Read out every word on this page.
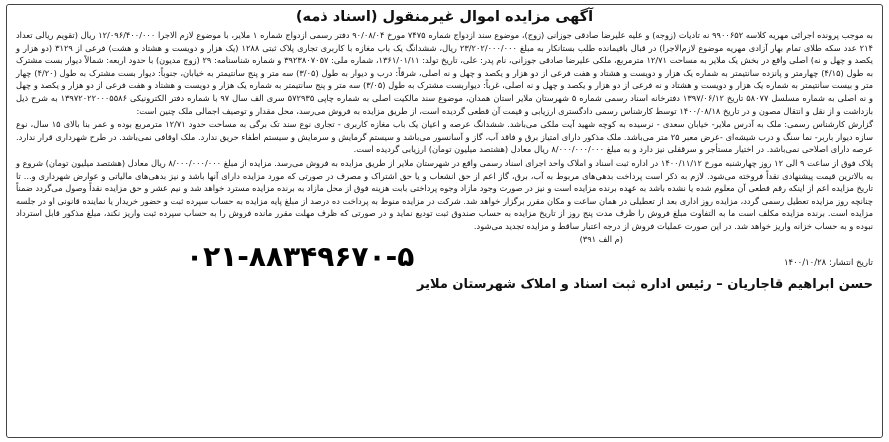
آگهی مزایده اموال غیرمنقول (اسناد ذمه)

به موجب پرونده اجرائی مهریه کلاسه ۹۹۰۰۶۵۲ نه تادیات (زوجه) و علیه علیرضا صادقی جوزانی (زوج)، موضوع سند ازدواج شماره ۷۴۷۵ مورخ ۹۰/۰۸/۰۴ دفتر رسمی ازدواج شماره ۱ ملایر، با موضوع لازم الاجرا ۱۲/۰۹۶/۴۰۰/۰۰۰ ریال (تقویم ریالی تعداد ۲۱۴ عدد سکه طلای تمام بهار آزادی مهریه موضوع لازم‌الاجرا) در قبال باقیمانده طلب بستانکار به مبلغ ۲۳/۲۰۲/۰۰۰/۰۰۰ ریال، ششدانگ یک باب مغازه با کاربری تجاری پلاک ثبتی ۱۲۸۸ (یک هزار و دویست و هشتاد و هشت) فرعی از ۳۱۲۹ (دو هزار و یکصد و چهل و نه) اصلی واقع در بخش یک ملایر به مساحت ۱۲/۷۱ مترمربع، ملکی علیرضا صادقی جوزانی، نام پدر: علی، تاریخ تولد: ۱۳۶۱/۰۱/۱۱، شماره ملی: ۳۹۲۳۸۰۷۰۵۷ و شماره شناسنامه: ۲۹ (زوج مدیون) با حدود اربعه: شمالاً دیوار بست مشترک به طول (۴/۱۵) چهارمتر و پانزده سانتیمتر به شماره یک هزار و دویست و هشتاد و هفت فرعی از دو هزار و یکصد و چهل و نه اصلی، شرقاً: درب و دیوار به طول (۳/۰۵) سه متر و پنج سانتیمتر به خیابان، جنوباً: دیوار بست مشترک به طول (۴/۲۰) چهار متر و بیست سانتیمتر به شماره یک هزار و دویست و هشتاد و نه فرعی از دو هزار و یکصد و چهل و نه اصلی، غرباً: دیواربست مشترک به طول (۳/۰۵) سه متر و پنج سانتیمتر به شماره یک هزار و دویست و هشتاد و هفت فرعی از دو هزار و یکصد و چهل و نه اصلی به شماره مسلسل ۵۸۰۷۷ تاریخ ۱۳۹۷/۰۶/۱۲ دفترخانه اسناد رسمی شماره ۵ شهرستان ملایر استان همدان، موضوع سند مالکیت اصلی به شماره چاپی ۵۷۲۹۳۵ سری الف سال ۹۷ با شماره دفتر الکترونیکی ۱۳۹۷۲۰۲۲۰۰۰۵۵۸۶ به شرح ذیل بازداشت و از نقل و انتقال مصون و در تاریخ ۱۴۰۰/۰۸/۱۸ توسط کارشناس رسمی دادگستری ارزیابی و قیمت آن قطعی گردیده است، از طریق مزایده به فروش می‌رسد، محل مقدار و توصیف اجمالی ملک چنین است:

گزارش کارشناس رسمی: ملک به آدرس ملایر- خیابان سعدی - نرسیده به کوچه شهید آیت ملکی می‌باشد. ششدانگ عرصه و اعیان یک باب مغازه کاربری - تجاری نوع سند تک برگی به مساحت حدود ۱۲/۷۱ مترمربع بوده و عمر بنا بالای ۱۵ سال، نوع سازه دیوار باربر- نما سنگ و درب شیشه‌ای -عرض معبر ۲۵ متر می‌باشد. ملک مذکور دارای امتیاز برق و فاقد آب، گاز و آسانسور می‌باشد و سیستم گرمایش و سرمایش و سیستم اطفاء حریق ندارد. ملک اوقافی نمی‌باشد. در طرح شهرداری قرار ندارد. عرصه دارای اصلاحی نمی‌باشد. در اختیار مستأجر و سرقفلی نیز دارد و به مبلغ ۸/۰۰۰/۰۰۰/۰۰۰ ریال معادل (هشتصد میلیون تومان) ارزیابی گردیده است.

پلاک فوق از ساعت ۹ الی ۱۲ روز چهارشنبه مورخ ۱۴۰۰/۱۱/۱۲ در اداره ثبت اسناد و املاک واحد اجرای اسناد رسمی واقع در شهرستان ملایر از طریق مزایده به فروش می‌رسد. مزایده از مبلغ ۸/۰۰۰/۰۰۰/۰۰۰ ریال معادل (هشتصد میلیون تومان) شروع و به بالاترین قیمت پیشنهادی نقداً فروخته می‌شود. لازم به ذکر است پرداخت بدهی‌های مربوط به آب، برق، گاز اعم از حق انشعاب و یا حق اشتراک و مصرف در صورتی که مورد مزایده دارای آنها باشد و نیز بدهی‌های مالیاتی و عوارض شهرداری و... تا تاریخ مزایده اعم از اینکه رقم قطعی آن معلوم شده یا نشده باشد به عهده برنده مزایده است و نیز در صورت وجود مازاد وجوه پرداختی بابت هزینه فوق از محل مازاد به برنده مزایده مسترد خواهد شد و نیم عشر و حق مزایده نقداً وصول می‌گردد ضمناً چنانچه روز مزایده تعطیل رسمی گردد، مزایده روز اداری بعد از تعطیلی در همان ساعت و مکان مقرر برگزار خواهد شد. شرکت در مزایده منوط به پرداخت ده درصد از مبلغ پایه مزایده به حساب سپرده ثبت و حضور خریدار یا نماینده قانونی او در جلسه مزایده است. برنده مزایده مکلف است ما به التفاوت مبلغ فروش را ظرف مدت پنج روز از تاریخ مزایده به حساب صندوق ثبت تودیع نماید و در صورتی که ظرف مهلت مقرر مانده فروش را به حساب سپرده ثبت واریز نکند، مبلغ مذکور قابل استرداد نبوده و به حساب خزانه واریز خواهد شد. در این صورت عملیات فروش از درجه اعتبار ساقط و مزایده تجدید می‌شود.

(م الف ۳۹۱)
۰۲۱-۸۸۳۴۹۶۷۰-۵	تاریخ انتشار: ۱۴۰۰/۱۰/۲۸
حسن ابراهیم قاجاریان – رئیس اداره ثبت اسناد و املاک شهرستان ملایر
